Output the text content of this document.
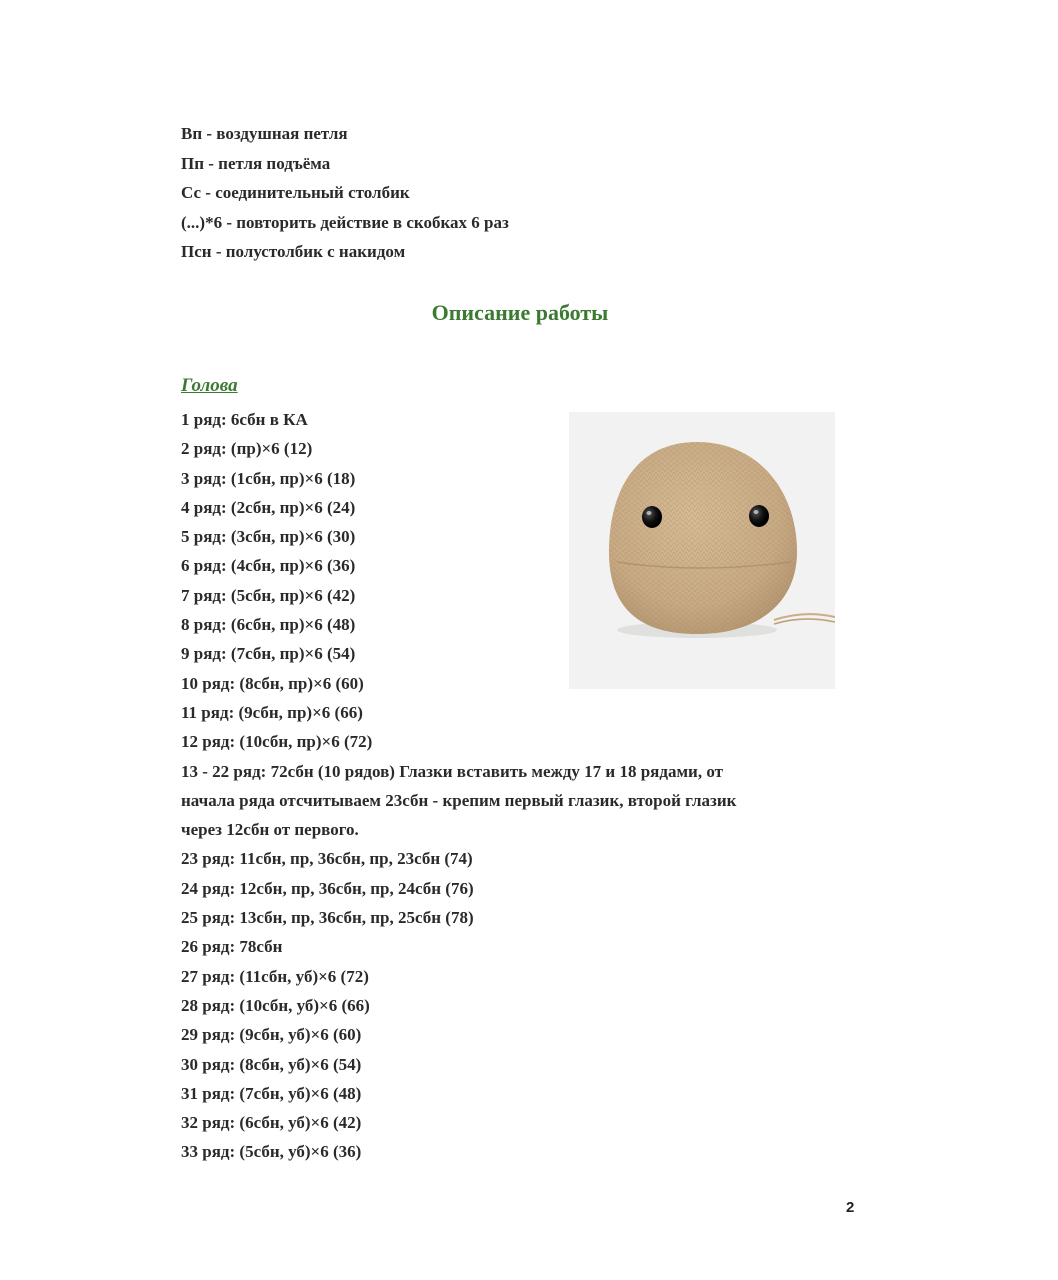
Вп - воздушная петля
Пп - петля подъёма
Сс - соединительный столбик
(...)*6 - повторить действие в скобках 6 раз
Псн - полустолбик с накидом
Описание работы
Голова
1 ряд: 6сбн в КА
2 ряд: (пр)×6 (12)
3 ряд: (1сбн, пр)×6 (18)
4 ряд: (2сбн, пр)×6 (24)
5 ряд: (3сбн, пр)×6 (30)
6 ряд: (4сбн, пр)×6 (36)
7 ряд: (5сбн, пр)×6 (42)
8 ряд: (6сбн, пр)×6 (48)
9 ряд: (7сбн, пр)×6 (54)
10 ряд: (8сбн, пр)×6 (60)
11 ряд: (9сбн, пр)×6 (66)
12 ряд: (10сбн, пр)×6 (72)
13 - 22 ряд: 72сбн (10 рядов) Глазки вставить между 17 и 18 рядами, от
начала ряда отсчитываем 23сбн - крепим первый глазик, второй глазик
через 12сбн от первого.
23 ряд: 11сбн, пр, 36сбн, пр, 23сбн (74)
24 ряд: 12сбн, пр, 36сбн, пр, 24сбн (76)
25 ряд: 13сбн, пр, 36сбн, пр, 25сбн (78)
26 ряд: 78сбн
27 ряд: (11сбн, уб)×6 (72)
28 ряд: (10сбн, уб)×6 (66)
29 ряд: (9сбн, уб)×6 (60)
30 ряд: (8сбн, уб)×6 (54)
31 ряд: (7сбн, уб)×6 (48)
32 ряд: (6сбн, уб)×6 (42)
33 ряд: (5сбн, уб)×6 (36)
2
